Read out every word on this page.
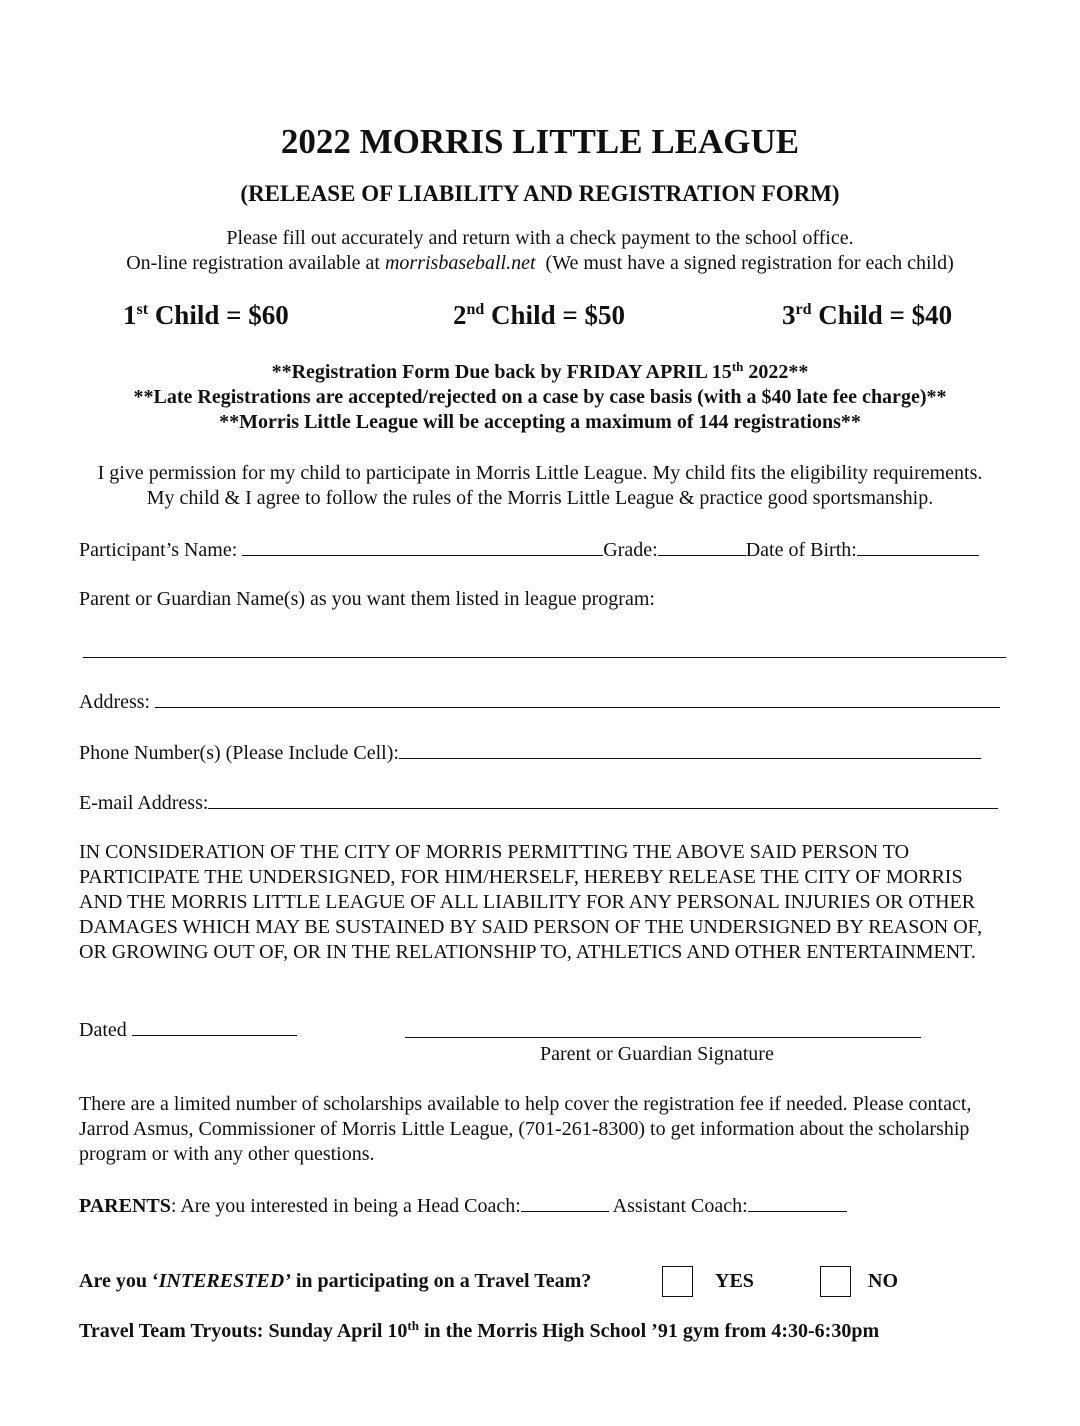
2022 MORRIS LITTLE LEAGUE
(RELEASE OF LIABILITY AND REGISTRATION FORM)
Please fill out accurately and return with a check payment to the school office.
On-line registration available at morrisbaseball.net  (We must have a signed registration for each child)
1st Child = $60	2nd Child = $50	3rd Child = $40
**Registration Form Due back by FRIDAY APRIL 15th 2022**
**Late Registrations are accepted/rejected on a case by case basis (with a $40 late fee charge)**
**Morris Little League will be accepting a maximum of 144 registrations**
I give permission for my child to participate in Morris Little League. My child fits the eligibility requirements.
My child & I agree to follow the rules of the Morris Little League & practice good sportsmanship.
Participant’s Name:	Grade:	Date of Birth:
Parent or Guardian Name(s) as you want them listed in league program:
Address:
Phone Number(s) (Please Include Cell):
E-mail Address:

IN CONSIDERATION OF THE CITY OF MORRIS PERMITTING THE ABOVE SAID PERSON TO PARTICIPATE THE UNDERSIGNED, FOR HIM/HERSELF, HEREBY RELEASE THE CITY OF MORRIS AND THE MORRIS LITTLE LEAGUE OF ALL LIABILITY FOR ANY PERSONAL INJURIES OR OTHER DAMAGES WHICH MAY BE SUSTAINED BY SAID PERSON OF THE UNDERSIGNED BY REASON OF, OR GROWING OUT OF, OR IN THE RELATIONSHIP TO, ATHLETICS AND OTHER ENTERTAINMENT.

Dated
Parent or Guardian Signature

There are a limited number of scholarships available to help cover the registration fee if needed. Please contact, Jarrod Asmus, Commissioner of Morris Little League, (701-261-8300) to get information about the scholarship program or with any other questions.

PARENTS: Are you interested in being a Head Coach:	Assistant Coach:
Are you ‘INTERESTED’ in participating on a Travel Team?	YES	NO
Travel Team Tryouts: Sunday April 10th in the Morris High School ’91 gym from 4:30-6:30pm
